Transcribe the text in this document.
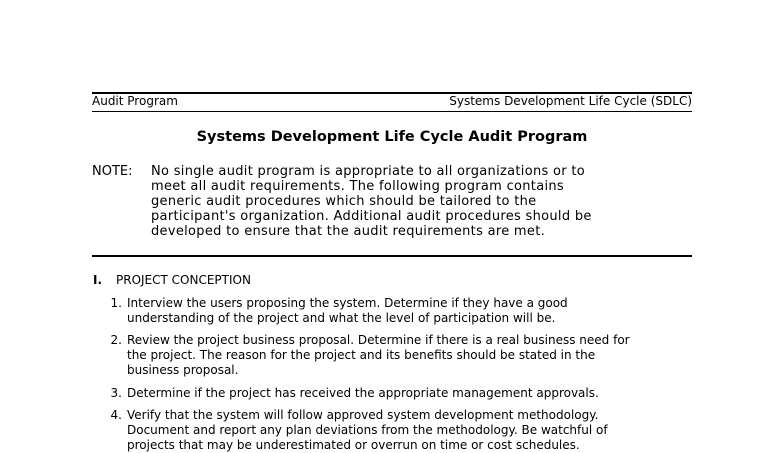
Audit Program	Systems Development Life Cycle (SDLC)
Systems Development Life Cycle Audit Program
NOTE: No single audit program is appropriate to all organizations or to
meet all audit requirements. The following program contains
generic audit procedures which should be tailored to the
participant's organization. Additional audit procedures should be
developed to ensure that the audit requirements are met.
I. PROJECT CONCEPTION
1. Interview the users proposing the system. Determine if they have a good
understanding of the project and what the level of participation will be.
2. Review the project business proposal. Determine if there is a real business need for
the project. The reason for the project and its benefits should be stated in the
business proposal.
3. Determine if the project has received the appropriate management approvals.
4. Verify that the system will follow approved system development methodology.
Document and report any plan deviations from the methodology. Be watchful of
projects that may be underestimated or overrun on time or cost schedules.
